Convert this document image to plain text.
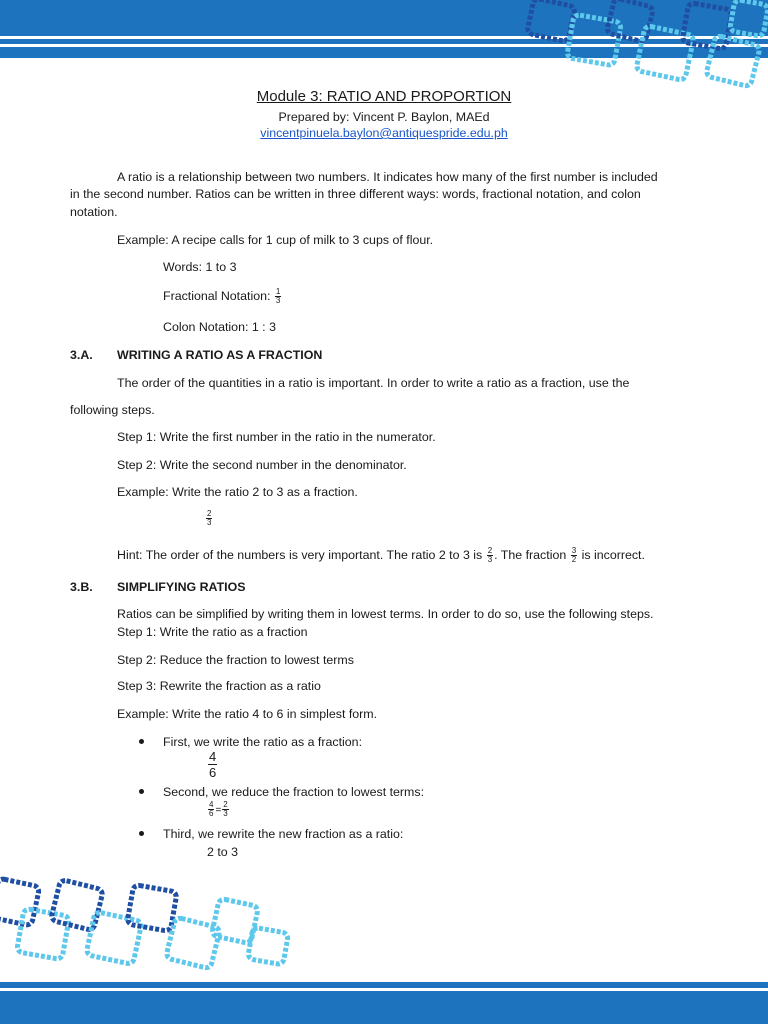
Module 3: RATIO AND PROPORTION
Prepared by: Vincent P. Baylon, MAEd
vincentpinuela.baylon@antiquespride.edu.ph
A ratio is a relationship between two numbers. It indicates how many of the first number is included
in the second number. Ratios can be written in three different ways: words, fractional notation, and colon
notation.
Example: A recipe calls for 1 cup of milk to 3 cups of flour.
Words: 1 to 3
Fractional Notation: $\frac{1}{3}$
Colon Notation: 1 : 3
3.A. WRITING A RATIO AS A FRACTION
The order of the quantities in a ratio is important. In order to write a ratio as a fraction, use the
following steps.
Step 1: Write the first number in the ratio in the numerator.
Step 2: Write the second number in the denominator.
Example: Write the ratio 2 to 3 as a fraction.
$\frac{2}{3}$
Hint: The order of the numbers is very important. The ratio 2 to 3 is $\frac{2}{3}$ . The fraction $\frac{3}{2}$ is incorrect.
3.B. SIMPLIFYING RATIOS
Ratios can be simplified by writing them in lowest terms. In order to do so, use the following steps.
Step 1: Write the ratio as a fraction
Step 2: Reduce the fraction to lowest terms
Step 3: Rewrite the fraction as a ratio
Example: Write the ratio 4 to 6 in simplest form.
First, we write the ratio as a fraction:
$\frac{4}{6}$
Second, we reduce the fraction to lowest terms:
$\frac{4}{6} = \frac{2}{3}$
Third, we rewrite the new fraction as a ratio:
2 to 3
